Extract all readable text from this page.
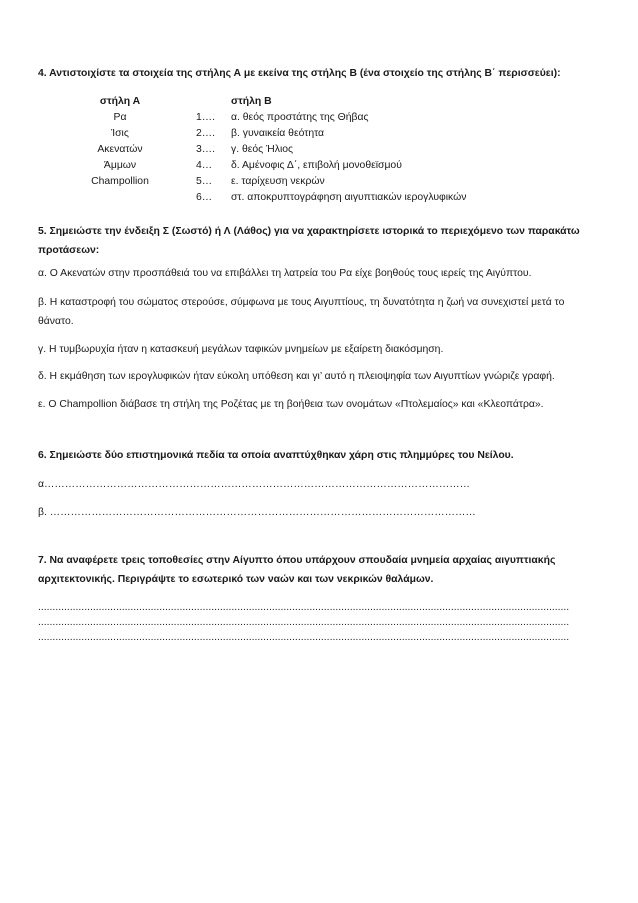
4. Αντιστοιχίστε τα στοιχεία της στήλης Α με εκείνα της στήλης Β (ένα στοιχείο της στήλης Β΄ περισσεύει):
στήλη Α	στήλη Β
Ρα
Ίσις
Ακενατών
Άμμων
Champollion
1….
2….
3….
4…
5…
6…
α. θεός προστάτης της Θήβας
β. γυναικεία θεότητα
γ. θεός Ήλιος
δ. Αμένοφις Δ΄, επιβολή μονοθεϊσμού
ε. ταρίχευση νεκρών
στ. αποκρυπτογράφηση αιγυπτιακών ιερογλυφικών
5. Σημειώστε την ένδειξη Σ (Σωστό) ή Λ (Λάθος) για να χαρακτηρίσετε ιστορικά το περιεχόμενο των παρακάτω προτάσεων:
α. Ο Ακενατών στην προσπάθειά του να επιβάλλει τη λατρεία του Ρα είχε βοηθούς τους ιερείς της Αιγύπτου.
β. Η καταστροφή του σώματος στερούσε, σύμφωνα με τους Αιγυπτίους, τη δυνατότητα η ζωή να συνεχιστεί μετά το θάνατο.
γ. Η τυμβωρυχία ήταν η κατασκευή μεγάλων ταφικών μνημείων με εξαίρετη διακόσμηση.
δ. Η εκμάθηση των ιερογλυφικών ήταν εύκολη υπόθεση και γι’ αυτό η πλειοψηφία των Αιγυπτίων γνώριζε γραφή.
ε. Ο Champollion διάβασε τη στήλη της Ροζέτας με τη βοήθεια των ονομάτων «Πτολεμαίος» και «Κλεοπάτρα».
6. Σημειώστε δύο επιστημονικά πεδία τα οποία αναπτύχθηκαν χάρη στις πλημμύρες του Νείλου.
α……………………………………………………………………………………………………………
β. ……………………………………………………………………………………………………………
7. Να αναφέρετε τρεις τοποθεσίες στην Αίγυπτο όπου υπάρχουν σπουδαία μνημεία αρχαίας αιγυπτιακής αρχιτεκτονικής. Περιγράψτε το εσωτερικό των ναών και των νεκρικών θαλάμων.
........................................................................................................................................................................................
........................................................................................................................................................................................
........................................................................................................................................................................................
